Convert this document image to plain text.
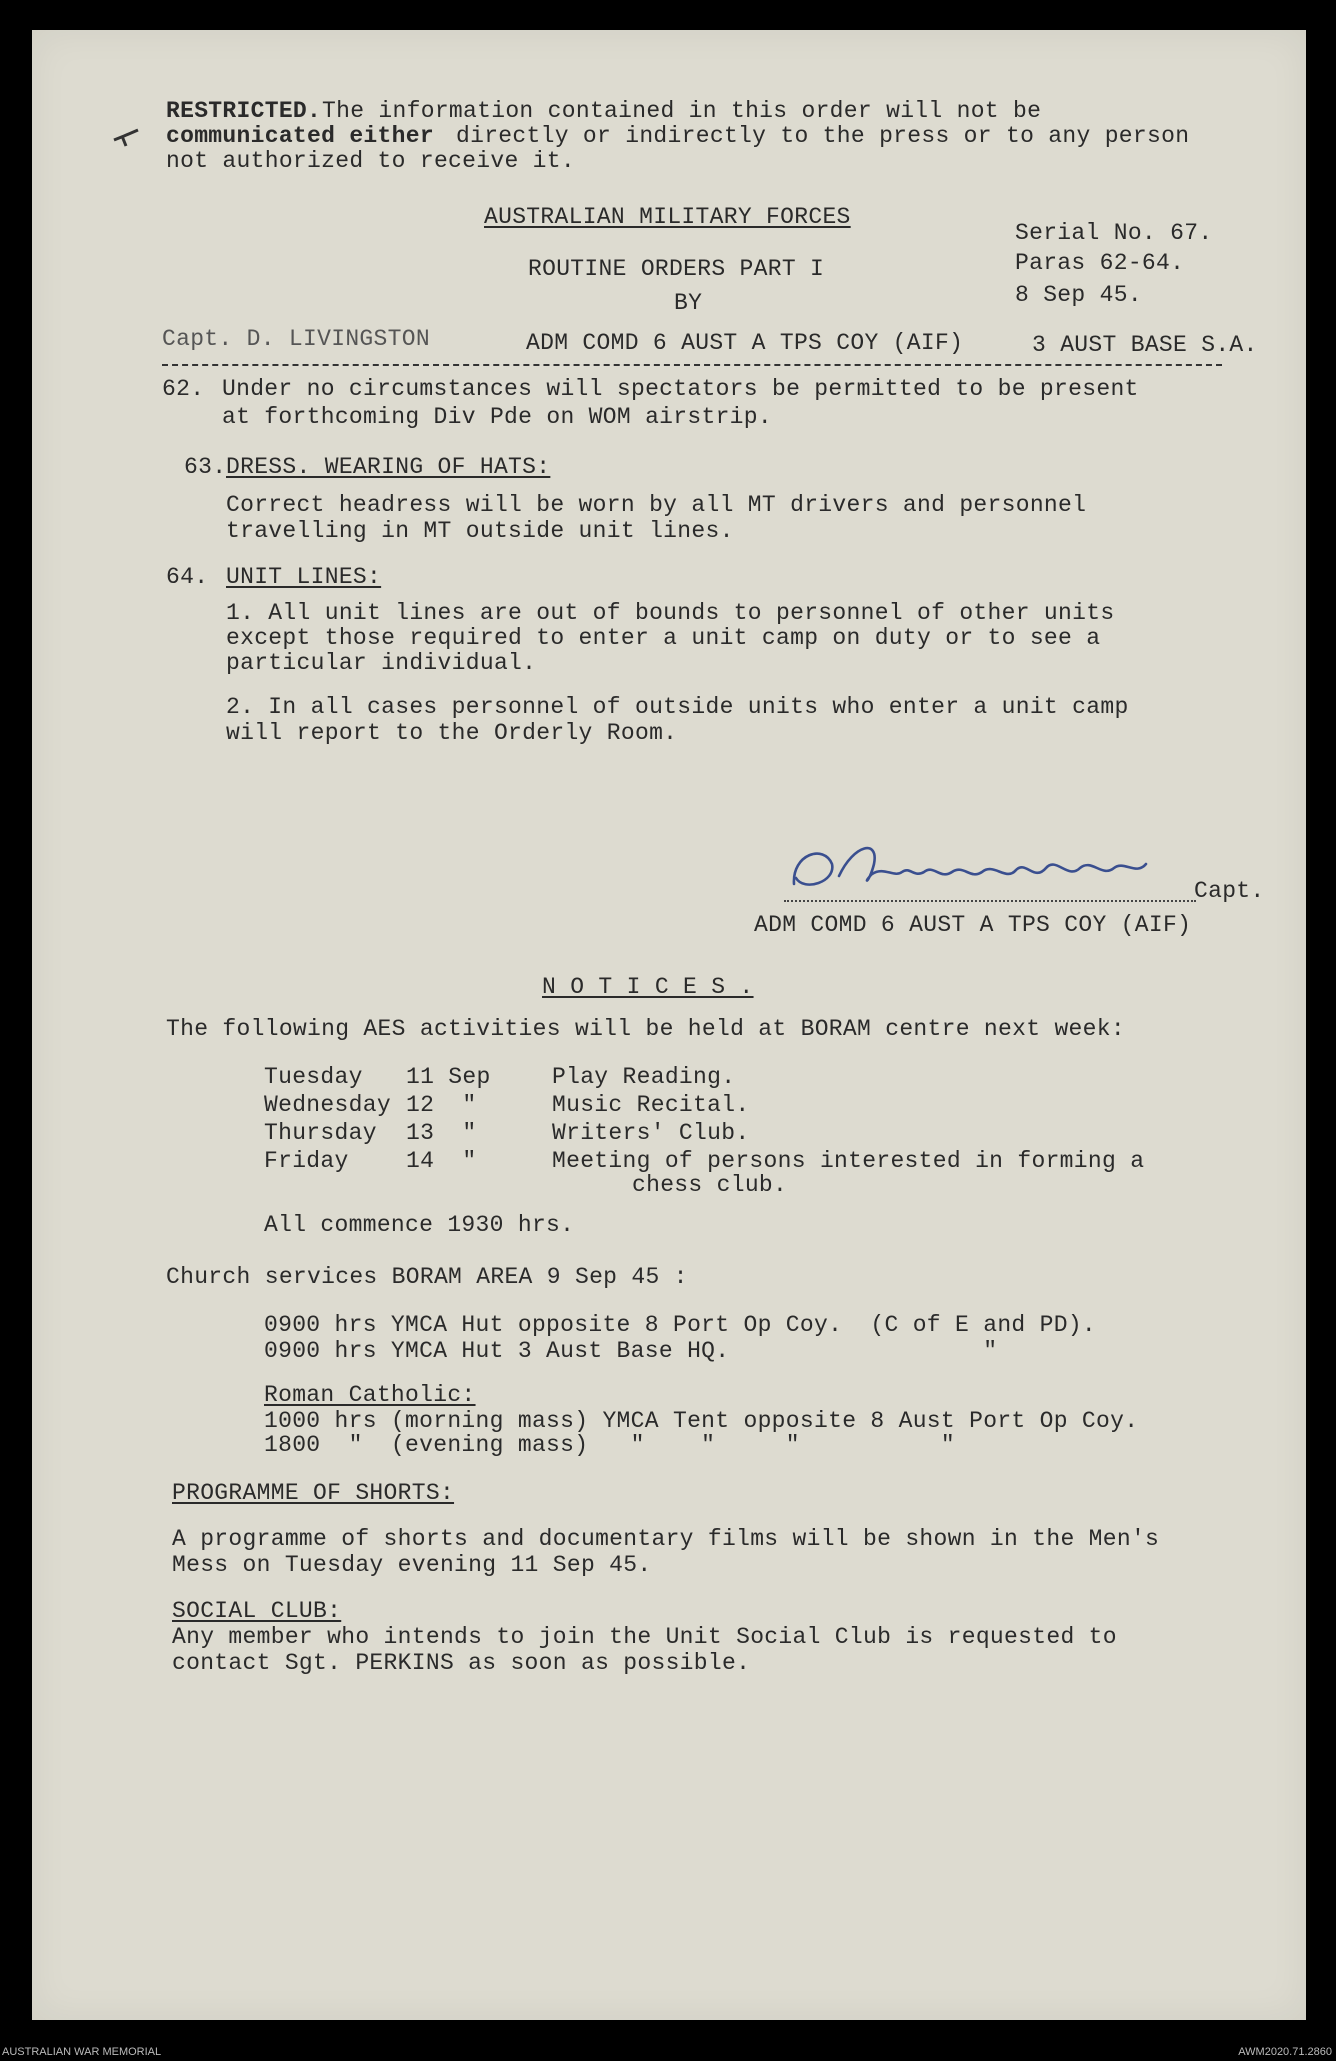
RESTRICTED. The information contained in this order will not be
communicated either directly or indirectly to the press or to any person
not authorized to receive it.
AUSTRALIAN MILITARY FORCES
ROUTINE ORDERS PART I
BY
Serial No. 67.
Paras 62-64.
8 Sep 45.
Capt. D. LIVINGSTON	ADM COMD 6 AUST A TPS COY (AIF)	3 AUST BASE S.A.
62. Under no circumstances will spectators be permitted to be present
at forthcoming Div Pde on WOM airstrip.
63. DRESS. WEARING OF HATS:
Correct headress will be worn by all MT drivers and personnel
travelling in MT outside unit lines.
64. UNIT LINES:
1. All unit lines are out of bounds to personnel of other units
except those required to enter a unit camp on duty or to see a
particular individual.
2. In all cases personnel of outside units who enter a unit camp
will report to the Orderly Room.
Capt.
ADM COMD 6 AUST A TPS COY (AIF)
N O T I C E S .
The following AES activities will be held at BORAM centre next week:
Tuesday 11 Sep	Play Reading.
Wednesday 12  "	Music Recital.
Thursday 13  "	Writers' Club.
Friday 14  "	Meeting of persons interested in forming a
chess club.
All commence 1930 hrs.
Church services BORAM AREA 9 Sep 45 :
0900 hrs YMCA Hut opposite 8 Port Op Coy.  (C of E and PD).
0900 hrs YMCA Hut 3 Aust Base HQ.                  "
Roman Catholic:
1000 hrs (morning mass) YMCA Tent opposite 8 Aust Port Op Coy.
1800  "  (evening mass)   "    "     "          "
PROGRAMME OF SHORTS:
A programme of shorts and documentary films will be shown in the Men's
Mess on Tuesday evening 11 Sep 45.
SOCIAL CLUB:
Any member who intends to join the Unit Social Club is requested to
contact Sgt. PERKINS as soon as possible.
AUSTRALIAN WAR MEMORIAL	AWM2020.71.2860
